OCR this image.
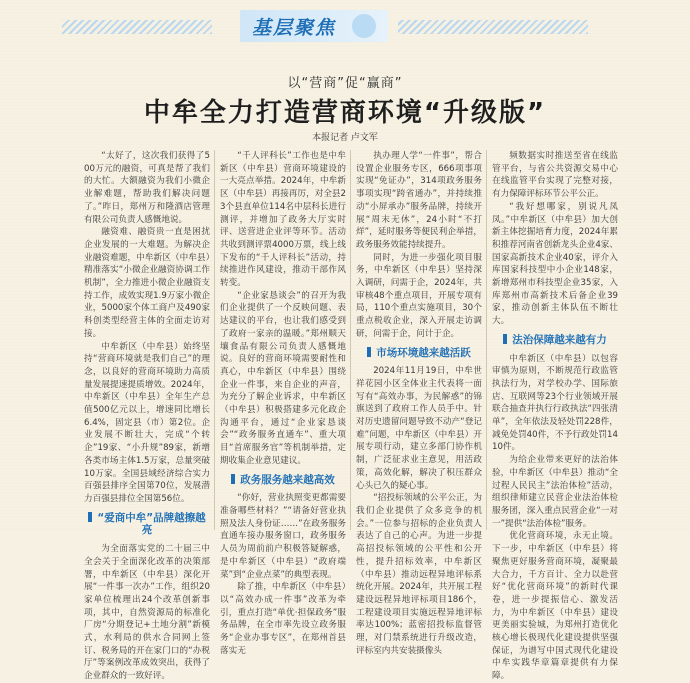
基层聚焦
以“营商”促“赢商”
中牟全力打造营商环境“升级版”
本报记者 卢文军

“太好了，这次我们获得了500万元的融资，可真是帮了我们的大忙。大额融资为我们小微企业解难题，帮助我们解决问题了。”昨日，郑州万和隆酒店管理有限公司负责人感慨地说。

融资难、融资贵一直是困扰企业发展的一大难题。为解决企业融资难题，中牟新区（中牟县）精准落实“小微企业融资协调工作机制”，全力推进小微企业融资支持工作，成效实现1.9万家小微企业，5000家个体工商户及490家科创类型经营主体的全面走访对接。

中牟新区（中牟县）始终坚持“营商环境就是我们自己”的理念，以良好的营商环境助力高质量发展提速提质增效。2024年，中牟新区（中牟县）全年生产总值500亿元以上，增速同比增长6.4%，固定县（市）第2位。企业发展不断壮大，完成“个转企”19家、“小升规”89家，新增各类市场主体1.5万家，总量突破10万家。全国县域经济综合实力百强县排序全国第70位，发展潜力百强县排位全国第56位。

“爱商中牟”品牌越擦越亮

为全面落实党的二十届三中全会关于全面深化改革的决策部署，中牟新区（中牟县）深化开展“一件事一次办”工作，组织20家单位梳理出24个改革创新事项，其中，自然资源局的标准化厂房“分期登记+土地分割”新模式，水利局的供水合同网上签订、税务局的开在家门口的“办税厅”等案例改革成效突出，获得了企业群众的一致好评。

“千人评科长”工作也是中牟新区（中牟县）营商环境建设的一大亮点举措。2024年，中牟新区（中牟县）再接再厉，对全县23个县直单位114名中层科长进行测评，并增加了政务大厅实时评、送营进企业评等环节。活动共收到测评票4000万票，线上线下发布的“千人评科长”活动，持续推进作风建设，推动干部作风转变。

“企业家恳谈会”的召开为我们企业提供了一个反映问题、表达建议的平台，也让我们感受到了政府一家亲的温暖。”郑州顺天壤食品有限公司负责人感慨地说。良好的营商环境需要耐性和真心，中牟新区（中牟县）围绕企业一件事，来自企业的声音，为充分了解企业诉求，中牟新区（中牟县）积极搭建多元化政企沟通平台，通过“企业家恳谈会”“政务服务直通车”、重大项目“首席服务官”等机制举措，定期收集企业意见建议。

政务服务越来越高效

“你好，营业执照变更都需要准备哪些材料？”“请备好营业执照及法人身份证……”在政务服务直通车接办服务窗口，政务服务人员为周前前户积极答疑解惑，是中牟新区（中牟县）“政府端菜”到“企业点菜”的典型表现。

除了推，中牟新区（中牟县）以“高效办成一件事”改革为牵引，重点打造“单优·担保政务”服务品牌，在全市率先设立政务服务“企业办事专区”，在郑州首县落实无

执办理人学“一件事”，帮合设置企业服务专区，666项事项实现“免证办”，314项政务服务事项实现“跨省通办”，并持续推动“小屏承办”服务品牌，持续开展“周末无休”，24小时“不打烊”，延时服务等便民利企举措，政务服务效能持续提升。

同时，为进一步强化项目服务，中牟新区（中牟县）坚持深入调研，问需于企，2024年，共审核48个重点项目，开展专项有局，110个重点实施项目，30个重点税收企业，深入开展走访调研，问需于企，问计于企。

市场环境越来越活跃

2024年11月19日，中牟世祥花园小区全体业主代表将一面写有“高效办事，为民解惑”的锦旗送到了政府工作人员手中。针对历史遗留问题导致不动产“登记难”问题，中牟新区（中牟县）开展专项行动，建立多部门协作机制，广泛征求业主意见，用活政策，高效化解，解决了积压群众心头已久的疑心事。

“招投标领域的公平公正，为我们企业提供了众多竞争的机会。”一位参与招标的企业负责人表达了自己的心声。为进一步提高招投标领域的公平性和公开性，提升招标效率，中牟新区（中牟县）推动远程异地评标系统化开展。2024年，共开展工程建设远程异地评标项目186个，工程建设项目实施远程异地评标率达100%；蓝密招投标监督管理，对门禁系统进行升级改造，评标室内共安装摄像头

频数据实时推送至省在线监管平台，与省公共资源交易中心在线监管平台实现了完整对接，有力保障评标环节公平公正。

“我好想哪家，别说凡凤凤。”中牟新区（中牟县）加大创新主体挖掘培育力度，2024年累积推荐河南省创新龙头企业4家、国家高新技术企业40家，评介入库国家科技型中小企业148家，新增郑州市科技型企业35家，入库郑州市高新技术后备企业39家，推动创新主体队伍不断壮大。

法治保障越来越有力

中牟新区（中牟县）以包容审慎为原则，不断规范行政监管执法行为，对学校办学、国际旅店、互联网等23个行业领域开展联合抽查并执行行政执法“四张清单”，全年依法及轻处罚228件，减免处罚40件，不予行政处罚1410件。

为给企业带来更好的法治体验，中牟新区（中牟县）推动“全过程人民民主”法治体检”活动，组织律师建立民营企业法治体检服务团，深入重点民营企业“一对一”提供“法治体检”服务。

优化营商环境，永无止境。下一步，中牟新区（中牟县）将聚焦更好服务营商环境，凝聚最大合力，千方百计、全力以赴营好“优化营商环境”的新时代课卷，进一步提振信心、激发活力，为中牟新区（中牟县）建设更美丽实验城，为郑州打造优化核心增长极现代化建设提供坚强保证，为谱写中国式现代化建设中牟实践华章篇章提供有力保障。
